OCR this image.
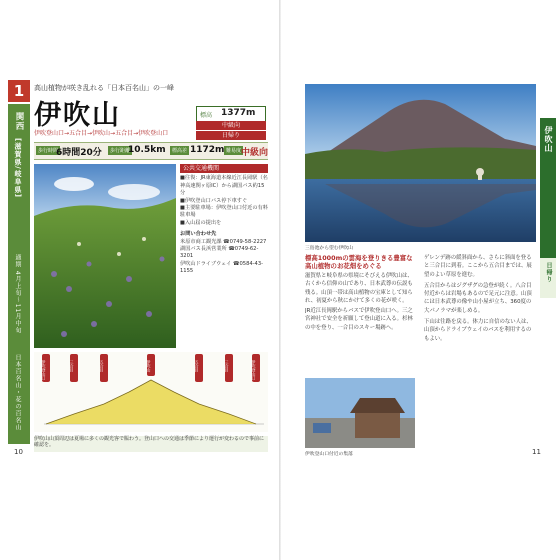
1
関西
[滋賀県/岐阜県]
適期 4月上旬〜11月中旬
日本百名山・花の百名山
高山植物が咲き乱れる「日本百名山」の一峰
伊吹山
伊吹登山口→五合目→伊吹山→五合目→伊吹登山口
標高 1377m
中級向
日帰り
歩行時間
6時間20分	歩行距離
10.5km	標高差 1172m 難易度 中級向
公共交通機関
■往復：JR東海道本線近江長岡駅（名神高速関ヶ原IC）から湖国バス約15分
■伊吹登山口バス停下車すぐ
■主要駐車場：伊吹登山口付近の有料駐車場
■入山届の提出を
お問い合わせ先
米原市商工観光課 ☎0749-58-2227
湖国バス長浜営業所 ☎0749-62-3201
伊吹山ドライブウェイ ☎0584-43-1155
伊吹登山口	三合目	五合目	伊吹山	五合目	三合目	伊吹登山口
伊吹山山頂周辺は夏場に多くの観光客で賑わう。登山口への交通は季節により運行が変わるので事前に確認を。
10
三島池から望む伊吹山
伊吹山
日帰り
標高1000mの雲海を登りきる豊富な高山植物のお花畑をめぐる
滋賀県と岐阜県の県境にそびえる伊吹山は、古くから信仰の山であり、日本武尊の伝説も残る。山頂一帯は高山植物の宝庫として知られ、初夏から秋にかけて多くの花が咲く。
JR近江長岡駅からバスで伊吹登山口へ。三之宮神社で安全を祈願して登山道に入る。杉林の中を登り、一合目のスキー場跡へ。
伊吹登山口付近の集落
ゲレンデ跡の緩斜面から、さらに斜面を登ると三合目に到着。ここから五合目までは、展望のよい草原を進む。
五合目からはジグザグの急登が続く。八合目付近からは岩場もあるので足元に注意。山頂には日本武尊の像や山小屋が立ち、360度の大パノラマが楽しめる。
下山は往路を戻る。体力に自信のない人は、山頂からドライブウェイのバスを利用するのもよい。
11
